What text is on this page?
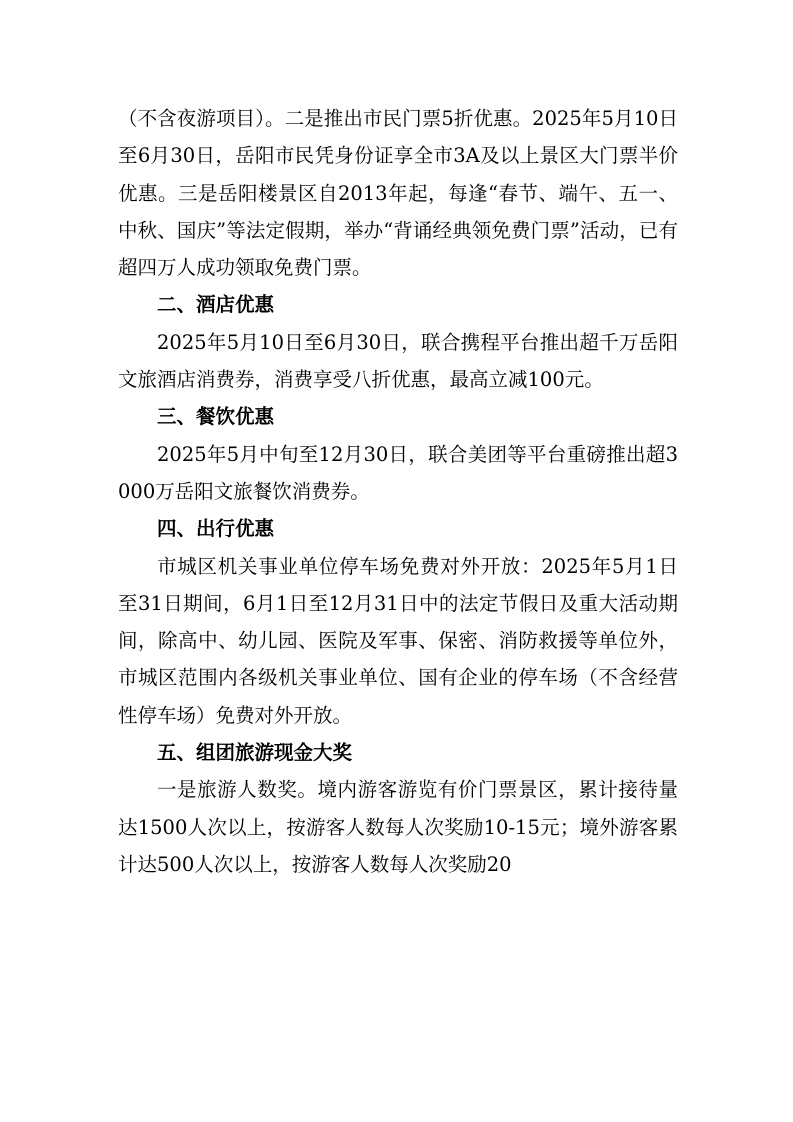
（不含夜游项目）。二是推出市民门票5折优惠。2025年5月10日至6月30日，岳阳市民凭身份证享全市3A及以上景区大门票半价优惠。三是岳阳楼景区自2013年起，每逢“春节、端午、五一、中秋、国庆”等法定假期，举办“背诵经典领免费门票”活动，已有超四万人成功领取免费门票。

二、酒店优惠

2025年5月10日至6月30日，联合携程平台推出超千万岳阳文旅酒店消费券，消费享受八折优惠，最高立减100元。

三、餐饮优惠

2025年5月中旬至12月30日，联合美团等平台重磅推出超3000万岳阳文旅餐饮消费券。

四、出行优惠

市城区机关事业单位停车场免费对外开放：2025年5月1日至31日期间，6月1日至12月31日中的法定节假日及重大活动期间，除高中、幼儿园、医院及军事、保密、消防救援等单位外，市城区范围内各级机关事业单位、国有企业的停车场（不含经营性停车场）免费对外开放。

五、组团旅游现金大奖

一是旅游人数奖。境内游客游览有价门票景区，累计接待量达1500人次以上，按游客人数每人次奖励10-15元；境外游客累计达500人次以上，按游客人数每人次奖励20
